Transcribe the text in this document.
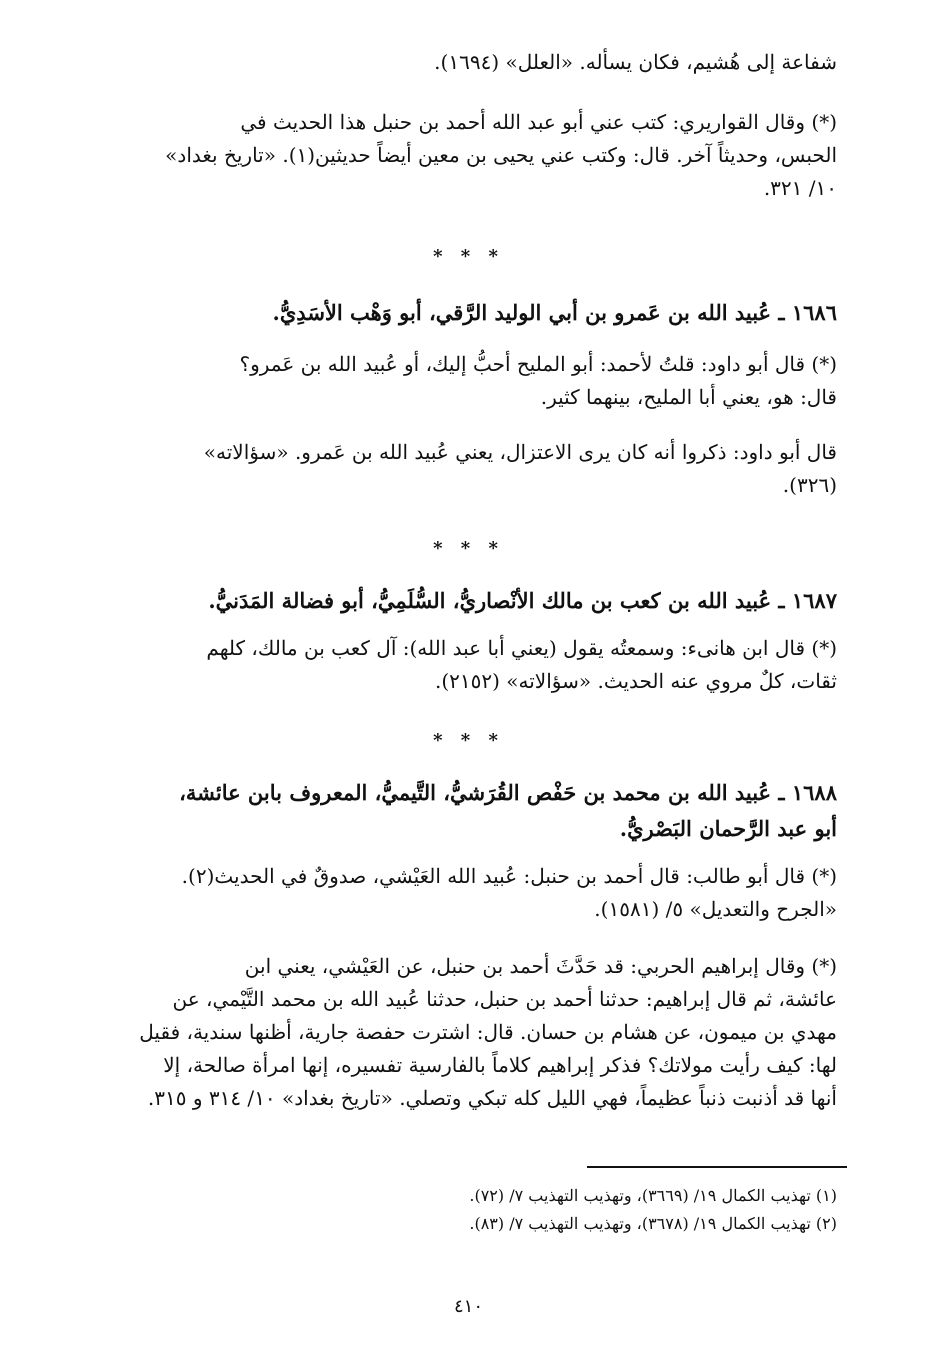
شفاعة إلى هُشيم، فكان يسأله. «العلل» (١٦٩٤).
(*) وقال القواريري: كتب عني أبو عبد الله أحمد بن حنبل هذا الحديث في
الحبس، وحديثاً آخر. قال: وكتب عني يحيى بن معين أيضاً حديثين(١). «تاريخ بغداد»
١٠/ ٣٢١.
* * *
١٦٨٦ ـ عُبيد الله بن عَمرو بن أبي الوليد الرَّقي، أبو وَهْب الأسَدِيُّ.
(*) قال أبو داود: قلتُ لأحمد: أبو المليح أحبُّ إليك، أو عُبيد الله بن عَمرو؟
قال: هو، يعني أبا المليح، بينهما كثير.
قال أبو داود: ذكروا أنه كان يرى الاعتزال، يعني عُبيد الله بن عَمرو. «سؤالاته»
(٣٢٦).
* * *
١٦٨٧ ـ عُبيد الله بن كعب بن مالك الأنْصاريُّ، السُّلَمِيُّ، أبو فضالة المَدَنيُّ.
(*) قال ابن هانىء: وسمعتُه يقول (يعني أبا عبد الله): آل كعب بن مالك، كلهم
ثقات، كلٌ مروي عنه الحديث. «سؤالاته» (٢١٥٢).
* * *
١٦٨٨ ـ عُبيد الله بن محمد بن حَفْص القُرَشيُّ، التَّيميُّ، المعروف بابن عائشة،
أبو عبد الرَّحمان البَصْريُّ.
(*) قال أبو طالب: قال أحمد بن حنبل: عُبيد الله العَيْشي، صدوقٌ في الحديث(٢).
«الجرح والتعديل» ٥/ (١٥٨١).
(*) وقال إبراهيم الحربي: قد حَدَّثَ أحمد بن حنبل، عن العَيْشي، يعني ابن
عائشة، ثم قال إبراهيم: حدثنا أحمد بن حنبل، حدثنا عُبيد الله بن محمد التَّيْمي، عن
مهدي بن ميمون، عن هشام بن حسان. قال: اشترت حفصة جارية، أظنها سندية، فقيل
لها: كيف رأيت مولاتك؟ فذكر إبراهيم كلاماً بالفارسية تفسيره، إنها امرأة صالحة، إلا
أنها قد أذنبت ذنباً عظيماً، فهي الليل كله تبكي وتصلي. «تاريخ بغداد» ١٠/ ٣١٤ و ٣١٥.
(١) تهذيب الكمال ١٩/ (٣٦٦٩)، وتهذيب التهذيب ٧/ (٧٢).
(٢) تهذيب الكمال ١٩/ (٣٦٧٨)، وتهذيب التهذيب ٧/ (٨٣).
٤١٠
